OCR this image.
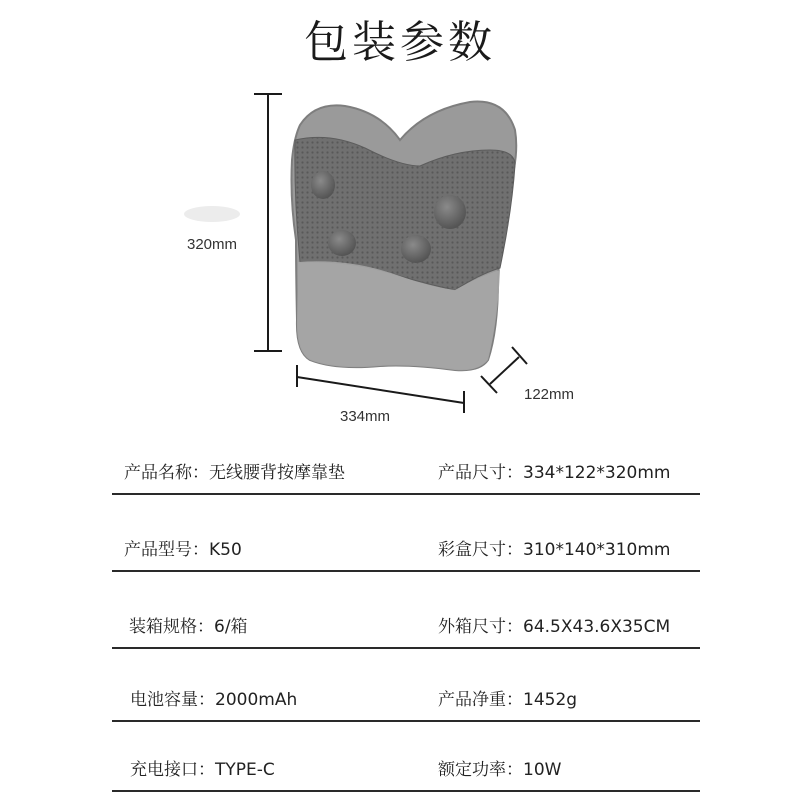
包装参数
320mm
334mm
122mm
产品名称：无线腰背按摩靠垫	产品尺寸：334*122*320mm
产品型号：K50	彩盒尺寸：310*140*310mm
装箱规格：6/箱	外箱尺寸：64.5X43.6X35CM
电池容量：2000mAh	产品净重：1452g
充电接口：TYPE-C	额定功率：10W
